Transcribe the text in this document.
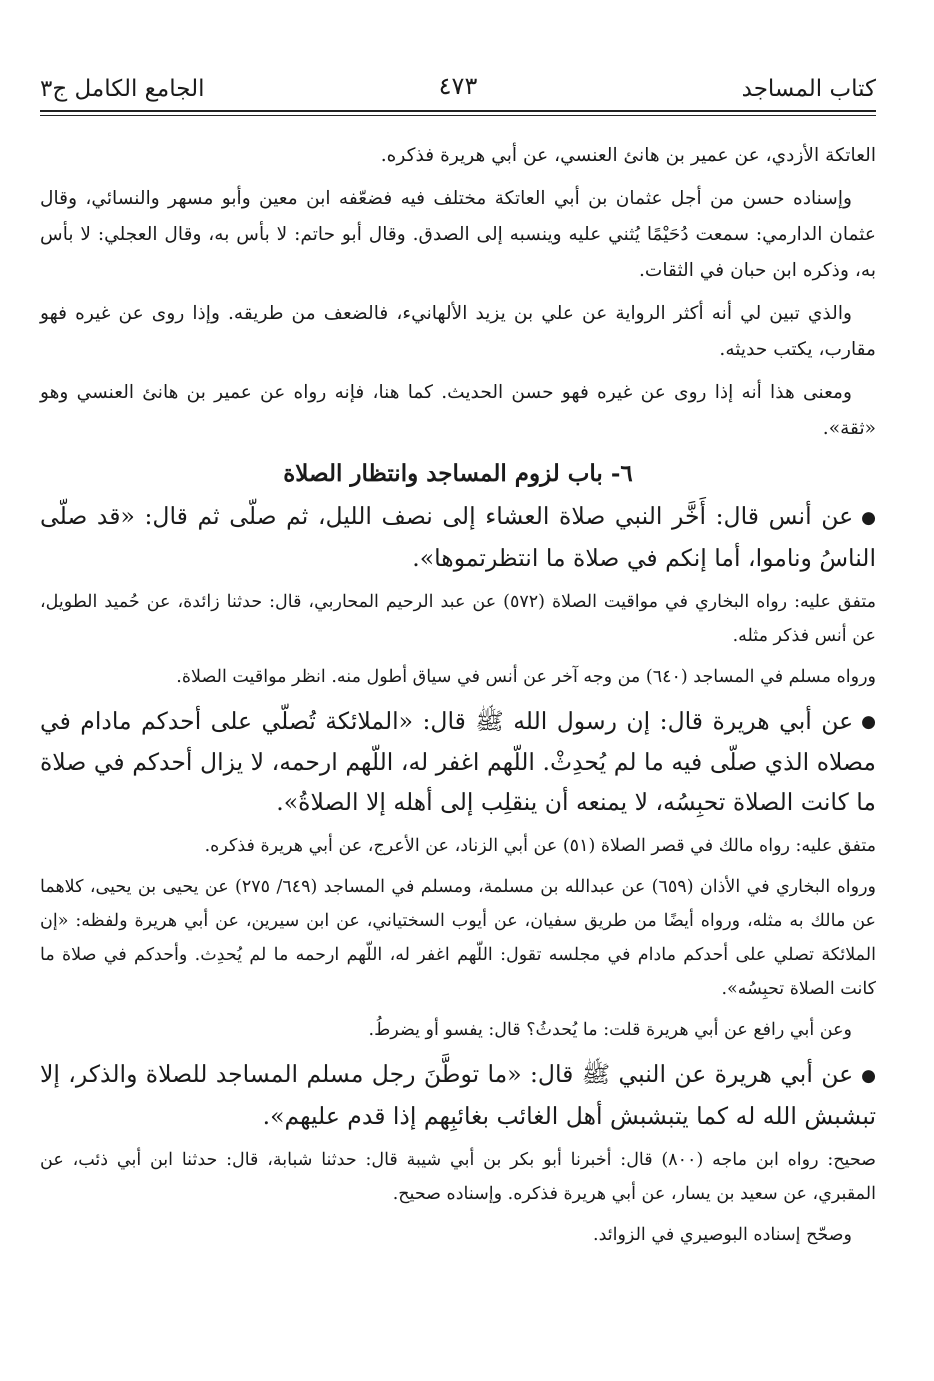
كتاب المساجد
٤٧٣
الجامع الكامل ج٣

العاتكة الأزدي، عن عمير بن هانئ العنسي، عن أبي هريرة فذكره.

وإسناده حسن من أجل عثمان بن أبي العاتكة مختلف فيه فضعّفه ابن معين وأبو مسهر والنسائي، وقال عثمان الدارمي: سمعت دُحَيْمًا يُثني عليه وينسبه إلى الصدق. وقال أبو حاتم: لا بأس به، وقال العجلي: لا بأس به، وذكره ابن حبان في الثقات.

والذي تبين لي أنه أكثر الرواية عن علي بن يزيد الألهانيء، فالضعف من طريقه. وإذا روى عن غيره فهو مقارب، يكتب حديثه.

ومعنى هذا أنه إذا روى عن غيره فهو حسن الحديث. كما هنا، فإنه رواه عن عمير بن هانئ العنسي وهو «ثقة».

٦- باب لزوم المساجد وانتظار الصلاة

●عن أنس قال: أَخَّر النبي صلاة العشاء إلى نصف الليل، ثم صلّى ثم قال: «قد صلّى الناسُ وناموا، أما إنكم في صلاة ما انتظرتموها».

متفق عليه: رواه البخاري في مواقيت الصلاة (٥٧٢) عن عبد الرحيم المحاربي، قال: حدثنا زائدة، عن حُميد الطويل، عن أنس فذكر مثله.

ورواه مسلم في المساجد (٦٤٠) من وجه آخر عن أنس في سياق أطول منه. انظر مواقيت الصلاة.

●عن أبي هريرة قال: إن رسول الله ﷺ قال: «الملائكة تُصلّي على أحدكم مادام في مصلاه الذي صلّى فيه ما لم يُحدِثْ. اللّهم اغفر له، اللّهم ارحمه، لا يزال أحدكم في صلاة ما كانت الصلاة تحبِسُه، لا يمنعه أن ينقلِب إلى أهله إلا الصلاةُ».

متفق عليه: رواه مالك في قصر الصلاة (٥١) عن أبي الزناد، عن الأعرج، عن أبي هريرة فذكره.

ورواه البخاري في الأذان (٦٥٩) عن عبدالله بن مسلمة، ومسلم في المساجد (٦٤٩/ ٢٧٥) عن يحيى بن يحيى، كلاهما عن مالك به مثله، ورواه أيضًا من طريق سفيان، عن أيوب السختياني، عن ابن سيرين، عن أبي هريرة ولفظه: «إن الملائكة تصلي على أحدكم مادام في مجلسه تقول: اللّهم اغفر له، اللّهم ارحمه ما لم يُحدِث. وأحدكم في صلاة ما كانت الصلاة تحبِسُه».

وعن أبي رافع عن أبي هريرة قلت: ما يُحدثُ؟ قال: يفسو أو يضرطُ.

●عن أبي هريرة عن النبي ﷺ قال: «ما توطَّنَ رجل مسلم المساجد للصلاة والذكر، إلا تبشبش الله له كما يتبشبش أهل الغائب بغائبِهم إذا قدم عليهم».

صحيح: رواه ابن ماجه (٨٠٠) قال: أخبرنا أبو بكر بن أبي شيبة قال: حدثنا شبابة، قال: حدثنا ابن أبي ذئب، عن المقبري، عن سعيد بن يسار، عن أبي هريرة فذكره. وإسناده صحيح.

وصحّح إسناده البوصيري في الزوائد.
